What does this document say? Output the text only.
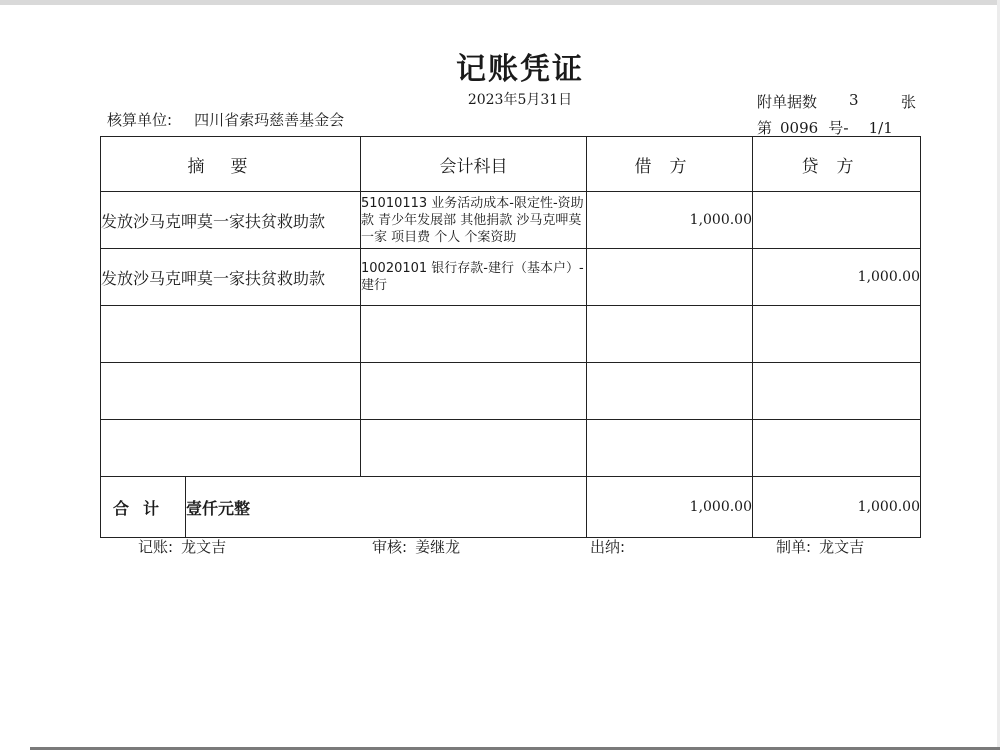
记账凭证
2023年5月31日
核算单位: 四川省索玛慈善基金会
附单据数 3	张
第 0096 号- 1/1
摘要		会计科目	借方	贷方
发放沙马克呷莫一家扶贫救助款		51010113 业务活动成本-限定性-资助款 青少年发展部 其他捐款 沙马克呷莫一家 项目费 个人 个案资助	1,000.00	
发放沙马克呷莫一家扶贫救助款		10020101 银行存款-建行（基本户）-建行		1,000.00

合计	壹仟元整		1,000.00	1,000.00
记账: 龙文吉	审核: 姜继龙	出纳:	制单: 龙文吉
